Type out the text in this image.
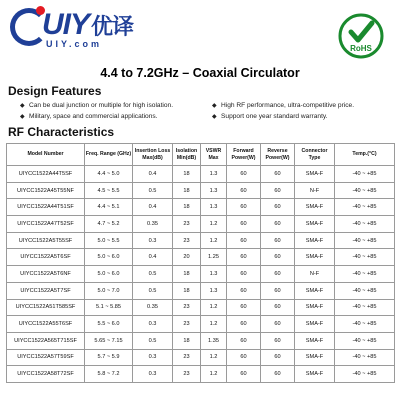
UIY优译
UIY.com	RoHS
4.4 to 7.2GHz – Coaxial Circulator
Design Features
◆ Can be dual junction or multiple for high isolation.	◆ High RF performance, ultra-competitive price.
◆ Military, space and commercial applications.	◆ Support one year standard warranty.
RF Characteristics
Model Number	Freq. Range (GHz)	Insertion Loss Max(dB)	Isolation Min(dB)	VSWR Max	Forward Power(W)	Reverse Power(W)	Connector Type	Temp.(°C)
UIYCC1522A44T5SF	4.4 ~ 5.0	0.4	18	1.3	60	60	SMA-F	-40 ~ +85
UIYCC1522A45T55NF	4.5 ~ 5.5	0.5	18	1.3	60	60	N-F	-40 ~ +85
UIYCC1522A44T51SF	4.4 ~ 5.1	0.4	18	1.3	60	60	SMA-F	-40 ~ +85
UIYCC1522A47T52SF	4.7 ~ 5.2	0.35	23	1.2	60	60	SMA-F	-40 ~ +85
UIYCC1522A5T55SF	5.0 ~ 5.5	0.3	23	1.2	60	60	SMA-F	-40 ~ +85
UIYCC1522A5T6SF	5.0 ~ 6.0	0.4	20	1.25	60	60	SMA-F	-40 ~ +85
UIYCC1522A5T6NF	5.0 ~ 6.0	0.5	18	1.3	60	60	N-F	-40 ~ +85
UIYCC1522A5T7SF	5.0 ~ 7.0	0.5	18	1.3	60	60	SMA-F	-40 ~ +85
UIYCC1522A51T585SF	5.1 ~ 5.85	0.35	23	1.2	60	60	SMA-F	-40 ~ +85
UIYCC1522A55T6SF	5.5 ~ 6.0	0.3	23	1.2	60	60	SMA-F	-40 ~ +85
UIYCC1522A565T715SF	5.65 ~ 7.15	0.5	18	1.35	60	60	SMA-F	-40 ~ +85
UIYCC1522A57T59SF	5.7 ~ 5.9	0.3	23	1.2	60	60	SMA-F	-40 ~ +85
UIYCC1522A58T72SF	5.8 ~ 7.2	0.3	23	1.2	60	60	SMA-F	-40 ~ +85
